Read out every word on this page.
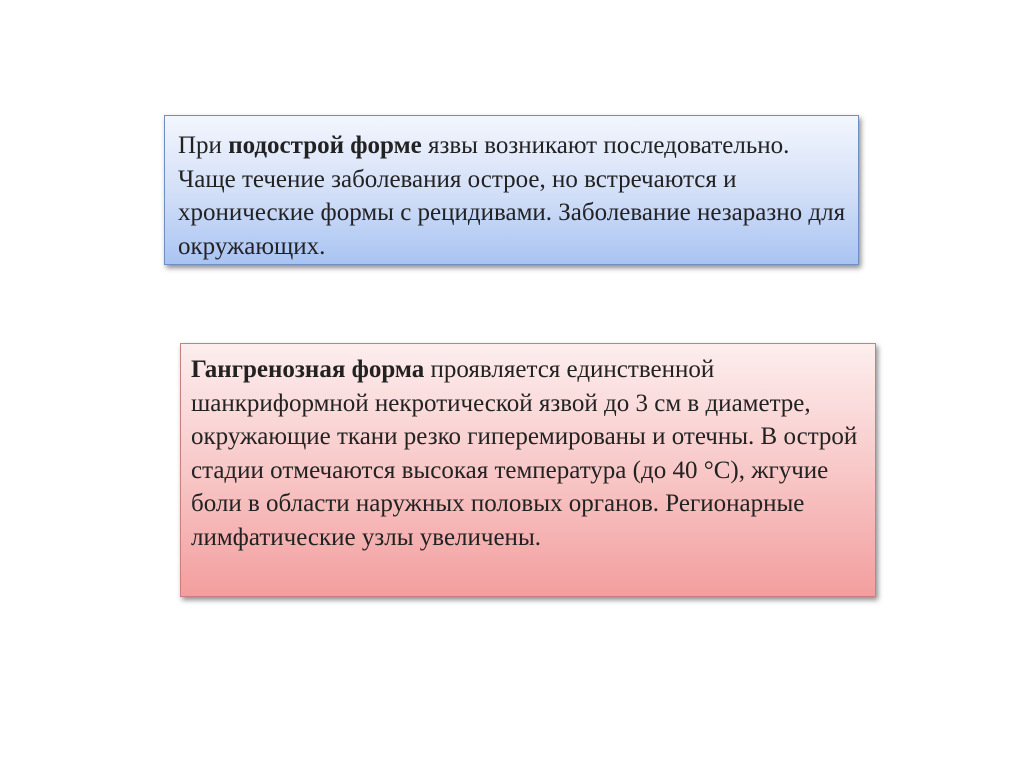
При подострой форме язвы возникают последовательно. Чаще течение заболевания острое, но встречаются и хронические формы с рецидивами. Заболевание незаразно для окружающих.

Гангренозная форма проявляется единственной шанкриформной некротической язвой до 3 см в диаметре, окружающие ткани резко гиперемированы и отечны. В острой стадии отмечаются высокая температура (до 40 °С), жгучие боли в области наружных половых органов. Регионарные лимфатические узлы увеличены.
